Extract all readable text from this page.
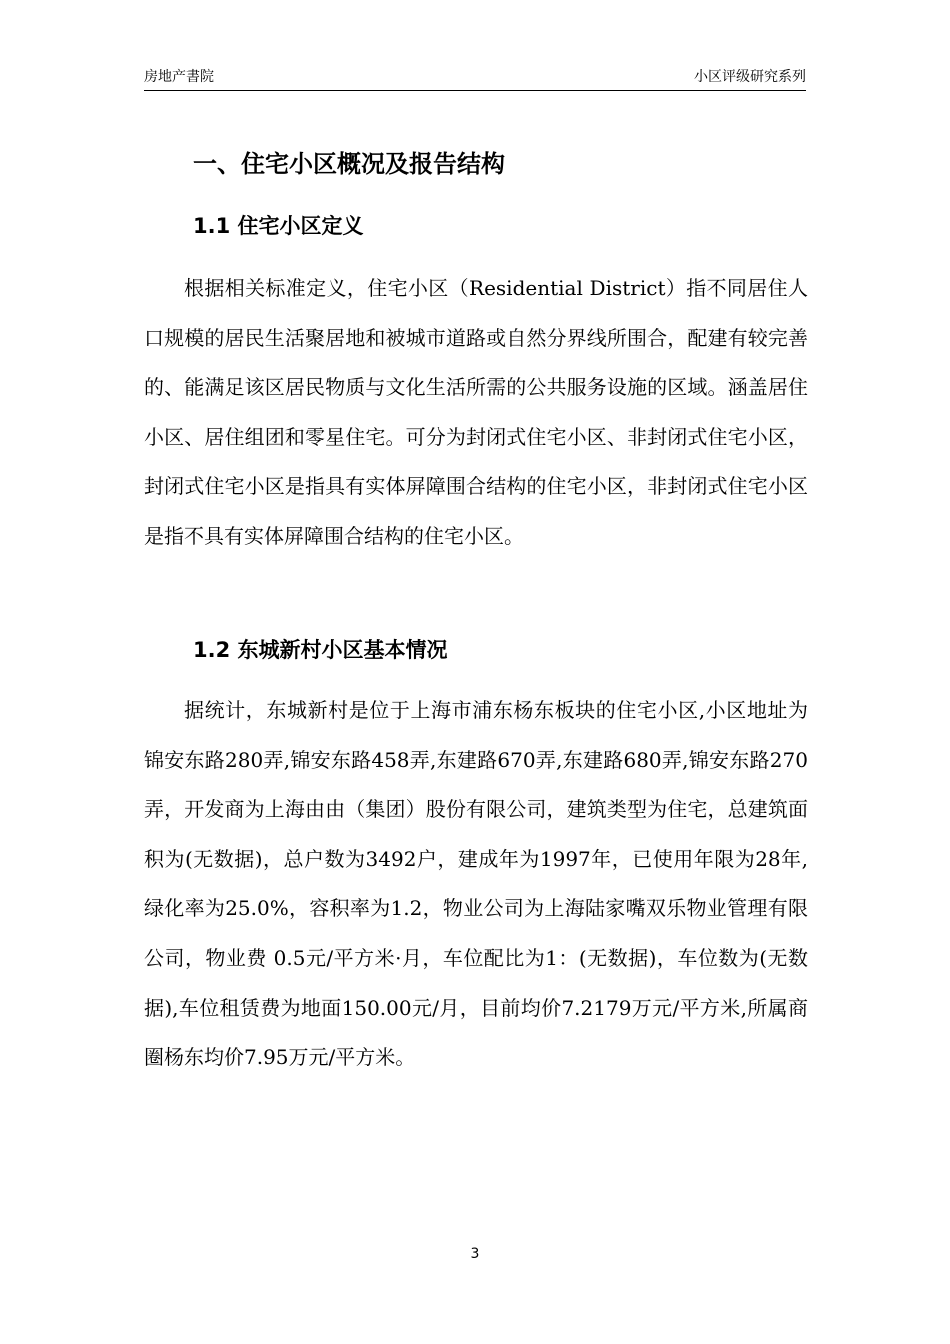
房地产書院	小区评级研究系列
一、住宅小区概况及报告结构
1.1 住宅小区定义
根据相关标准定义，住宅小区（Residential District）指不同居住人口规模的居民生活聚居地和被城市道路或自然分界线所围合，配建有较完善的、能满足该区居民物质与文化生活所需的公共服务设施的区域。涵盖居住小区、居住组团和零星住宅。可分为封闭式住宅小区、非封闭式住宅小区，封闭式住宅小区是指具有实体屏障围合结构的住宅小区，非封闭式住宅小区是指不具有实体屏障围合结构的住宅小区。
1.2 东城新村小区基本情况
据统计，东城新村是位于上海市浦东杨东板块的住宅小区,小区地址为锦安东路280弄,锦安东路458弄,东建路670弄,东建路680弄,锦安东路270弄，开发商为上海由由（集团）股份有限公司，建筑类型为住宅，总建筑面积为(无数据)，总户数为3492户，建成年为1997年，已使用年限为28年,绿化率为25.0%，容积率为1.2，物业公司为上海陆家嘴双乐物业管理有限公司，物业费 0.5元/平方米·月，车位配比为1：(无数据)，车位数为(无数据),车位租赁费为地面150.00元/月，目前均价7.2179万元/平方米,所属商圈杨东均价7.95万元/平方米。
3
